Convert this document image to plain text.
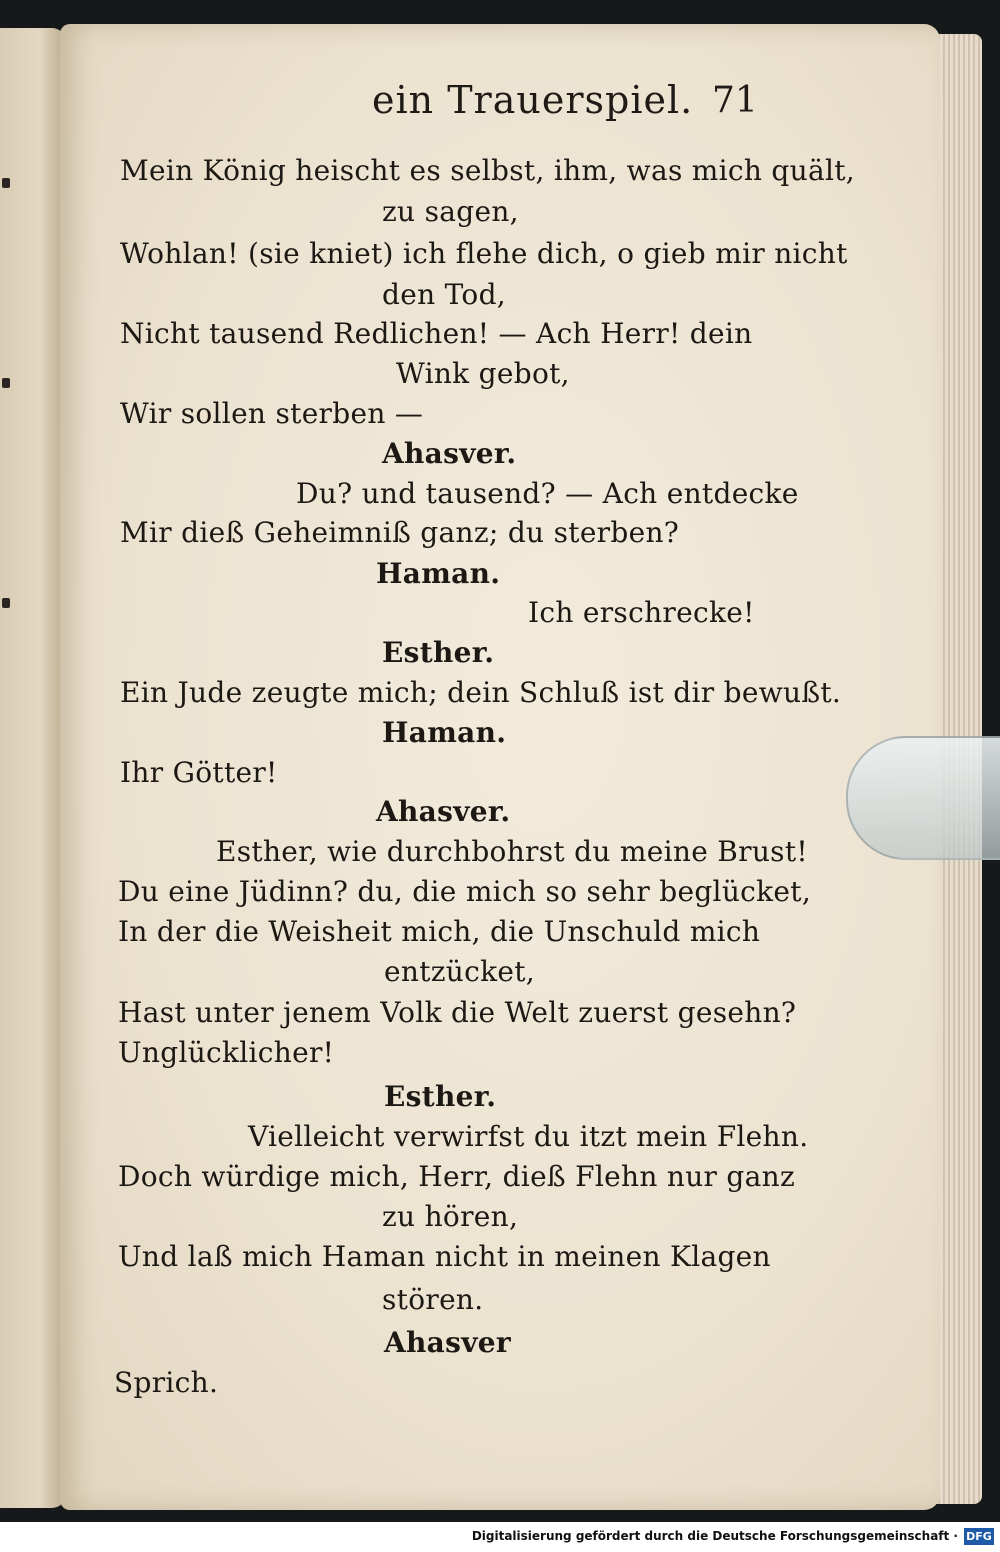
ein Trauerspiel. 71
Mein König heischt es selbst, ihm, was mich quält,
zu sagen,
Wohlan! (sie kniet) ich flehe dich, o gieb mir nicht
den Tod,
Nicht tausend Redlichen! — Ach Herr! dein
Wink gebot,
Wir sollen sterben —
Ahasver.
Du? und tausend? — Ach entdecke
Mir dieß Geheimniß ganz; du sterben?
Haman.
Ich erschrecke!
Esther.
Ein Jude zeugte mich; dein Schluß ist dir bewußt.
Haman.
Ihr Götter!
Ahasver.
Esther, wie durchbohrst du meine Brust!
Du eine Jüdinn? du, die mich so sehr beglücket,
In der die Weisheit mich, die Unschuld mich
entzücket,
Hast unter jenem Volk die Welt zuerst gesehn?
Unglücklicher!
Esther.
Vielleicht verwirfst du itzt mein Flehn.
Doch würdige mich, Herr, dieß Flehn nur ganz
zu hören,
Und laß mich Haman nicht in meinen Klagen
stören.
Ahasver
Sprich.
Digitalisierung gefördert durch die Deutsche Forschungsgemeinschaft · DFG
